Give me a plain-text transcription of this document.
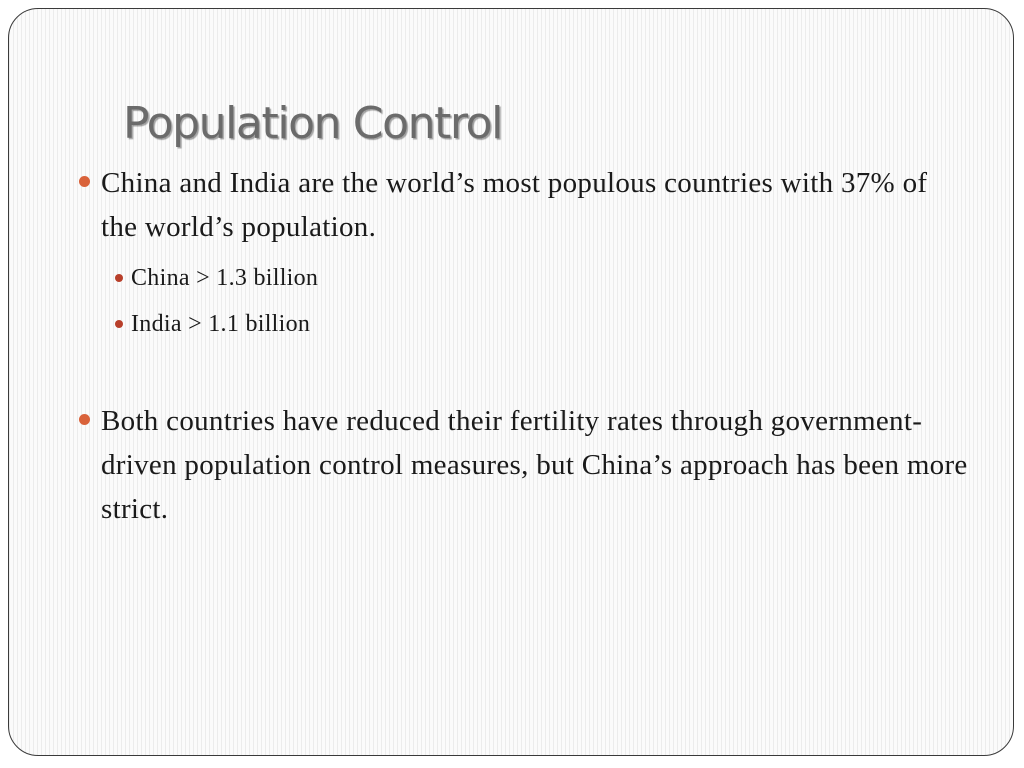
Population Control
China and India are the world’s most populous countries with 37% of the world’s population.
China > 1.3 billion
India > 1.1 billion
Both countries have reduced their fertility rates through government-driven population control measures, but China’s approach has been more strict.
